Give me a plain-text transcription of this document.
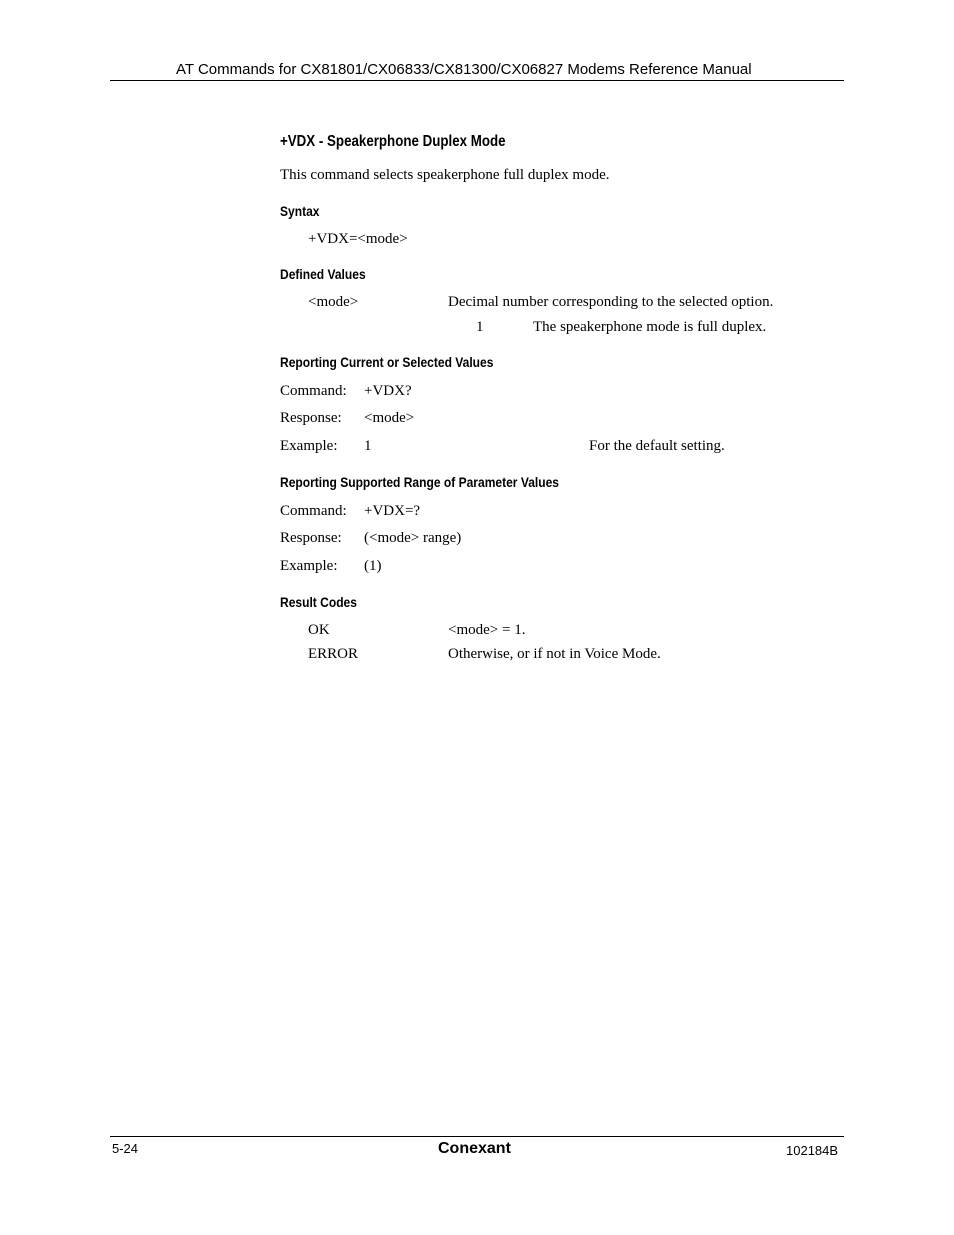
AT Commands for CX81801/CX06833/CX81300/CX06827 Modems Reference Manual
+VDX - Speakerphone Duplex Mode
This command selects speakerphone full duplex mode.
Syntax
+VDX=<mode>
Defined Values
<mode>	Decimal number corresponding to the selected option.
1	The speakerphone mode is full duplex.
Reporting Current or Selected Values
Command: +VDX?
Response: <mode>
Example: 1	For the default setting.
Reporting Supported Range of Parameter Values
Command: +VDX=?
Response: (<mode> range)
Example: (1)
Result Codes
OK	<mode> = 1.
ERROR	Otherwise, or if not in Voice Mode.
5-24	Conexant	102184B
